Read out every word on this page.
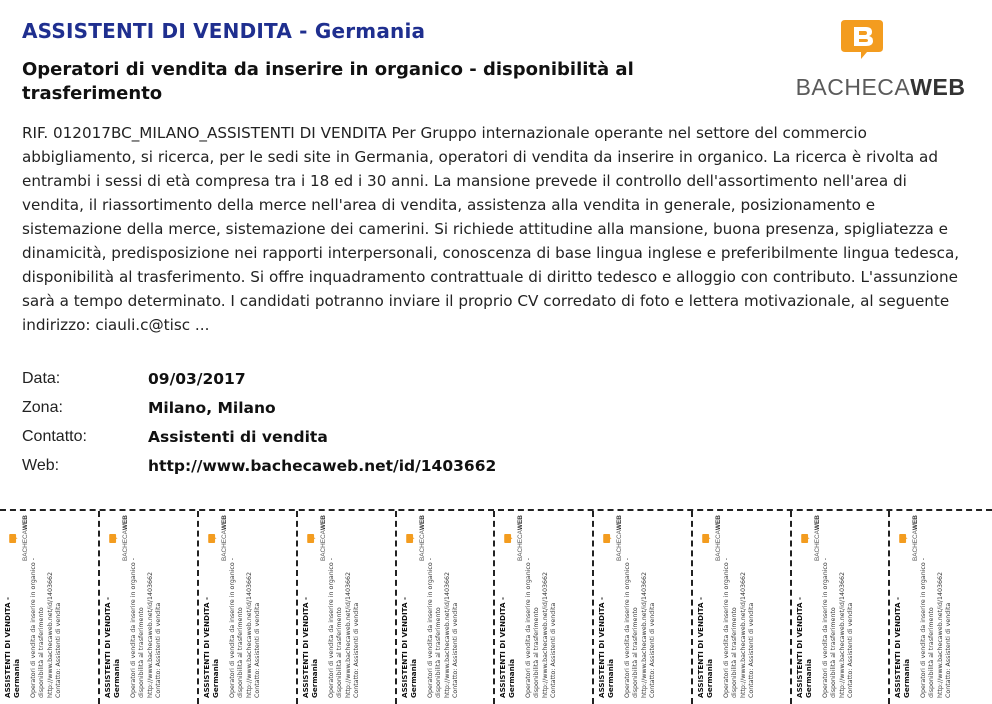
ASSISTENTI DI VENDITA - Germania
Operatori di vendita da inserire in organico - disponibilità al trasferimento	BACHECAWEB

RIF. 012017BC_MILANO_ASSISTENTI DI VENDITA Per Gruppo internazionale operante nel settore del commercio abbigliamento, si ricerca, per le sedi site in Germania, operatori di vendita da inserire in organico. La ricerca è rivolta ad entrambi i sessi di età compresa tra i 18 ed i 30 anni. La mansione prevede il controllo dell'assortimento nell'area di vendita, il riassortimento della merce nell'area di vendita, assistenza alla vendita in generale, posizionamento e sistemazione della merce, sistemazione dei camerini. Si richiede attitudine alla mansione, buona presenza, spigliatezza e dinamicità, predisposizione nei rapporti interpersonali, conoscenza di base lingua inglese e preferibilmente lingua tedesca, disponibilità al trasferimento. Si offre inquadramento contrattuale di diritto tedesco e alloggio con contributo. L'assunzione sarà a tempo determinato. I candidati potranno inviare il proprio CV corredato di foto e lettera motivazionale, al seguente indirizzo: ciauli.c@tisc ...

Data:	09/03/2017
Zona:	Milano, Milano
Contatto:	Assistenti di vendita
Web:	http://www.bachecaweb.net/id/1403662
ASSISTENTI DI VENDITA - Germania
BACHECAWEB
Operatori di vendita da inserire in organico - disponibilità al trasferimento http://www.bachecaweb.net/id/1403662 Contatto: Assistenti di vendita	ASSISTENTI DI VENDITA - Germania
BACHECAWEB
Operatori di vendita da inserire in organico - disponibilità al trasferimento http://www.bachecaweb.net/id/1403662 Contatto: Assistenti di vendita	ASSISTENTI DI VENDITA - Germania
BACHECAWEB
Operatori di vendita da inserire in organico - disponibilità al trasferimento http://www.bachecaweb.net/id/1403662 Contatto: Assistenti di vendita	ASSISTENTI DI VENDITA - Germania
BACHECAWEB
Operatori di vendita da inserire in organico - disponibilità al trasferimento http://www.bachecaweb.net/id/1403662 Contatto: Assistenti di vendita	ASSISTENTI DI VENDITA - Germania
BACHECAWEB
Operatori di vendita da inserire in organico - disponibilità al trasferimento http://www.bachecaweb.net/id/1403662 Contatto: Assistenti di vendita	ASSISTENTI DI VENDITA - Germania
BACHECAWEB
Operatori di vendita da inserire in organico - disponibilità al trasferimento http://www.bachecaweb.net/id/1403662 Contatto: Assistenti di vendita	ASSISTENTI DI VENDITA - Germania
BACHECAWEB
Operatori di vendita da inserire in organico - disponibilità al trasferimento http://www.bachecaweb.net/id/1403662 Contatto: Assistenti di vendita	ASSISTENTI DI VENDITA - Germania
BACHECAWEB
Operatori di vendita da inserire in organico - disponibilità al trasferimento http://www.bachecaweb.net/id/1403662 Contatto: Assistenti di vendita	ASSISTENTI DI VENDITA - Germania
BACHECAWEB
Operatori di vendita da inserire in organico - disponibilità al trasferimento http://www.bachecaweb.net/id/1403662 Contatto: Assistenti di vendita	ASSISTENTI DI VENDITA - Germania
BACHECAWEB
Operatori di vendita da inserire in organico - disponibilità al trasferimento http://www.bachecaweb.net/id/1403662 Contatto: Assistenti di vendita
